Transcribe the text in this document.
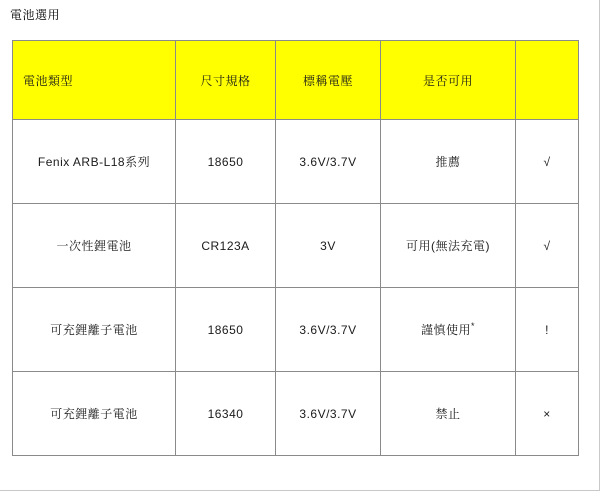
電池選用
電池類型	尺寸規格	標稱電壓	是否可用	
Fenix ARB-L18系列	18650	3.6V/3.7V	推薦	√
一次性鋰電池	CR123A	3V	可用(無法充電)	√
可充鋰離子電池	18650	3.6V/3.7V	謹慎使用*	!
可充鋰離子電池	16340	3.6V/3.7V	禁止	×
